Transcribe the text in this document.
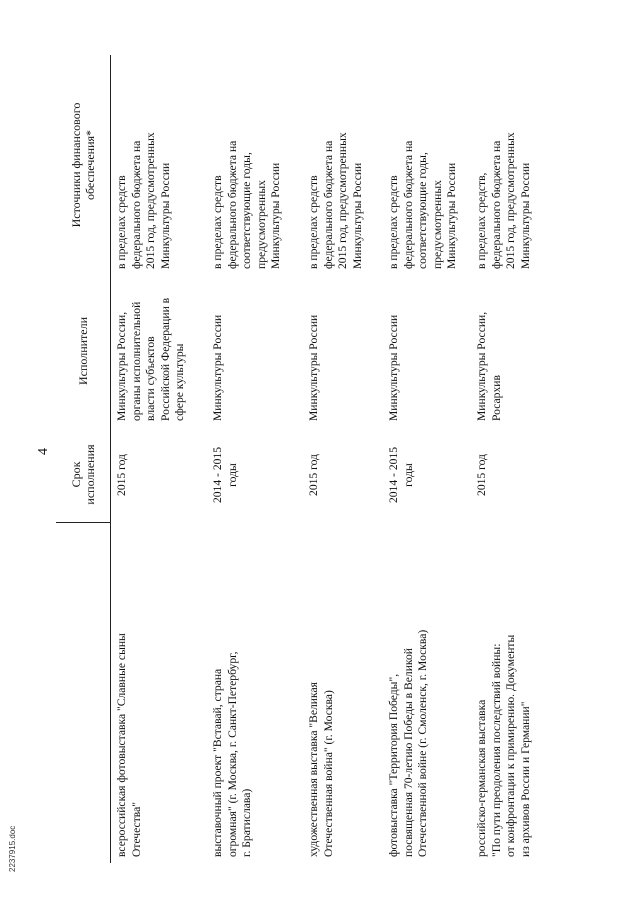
4
Срок
исполнения
Исполнители
Источники финансового
обеспечения*
всероссийская фотовыставка "Славные сыны
Отечества"
2015 год
Минкультуры России,
органы исполнительной
власти субъектов
Российской Федерации в
сфере культуры
в пределах средств
федерального бюджета на
2015 год, предусмотренных
Минкультуры России
выставочный проект "Вставай, страна
огромная" (г. Москва, г. Санкт-Петербург,
г. Братислава)
2014 - 2015
годы
Минкультуры России
в пределах средств
федерального бюджета на
соответствующие годы,
предусмотренных
Минкультуры России
художественная выставка "Великая
Отечественная война" (г. Москва)
2015 год
Минкультуры России
в пределах средств
федерального бюджета на
2015 год, предусмотренных
Минкультуры России
фотовыставка "Территория Победы",
посвященная 70-летию Победы в Великой
Отечественной войне (г. Смоленск, г. Москва)
2014 - 2015
годы
Минкультуры России
в пределах средств
федерального бюджета на
соответствующие годы,
предусмотренных
Минкультуры России
российско-германская выставка
"По пути преодоления последствий войны:
от конфронтации к примирению. Документы
из архивов России и Германии"
2015 год
Минкультуры России,
Росархив
в пределах средств,
федерального бюджета на
2015 год, предусмотренных
Минкультуры России
2237915.doc
